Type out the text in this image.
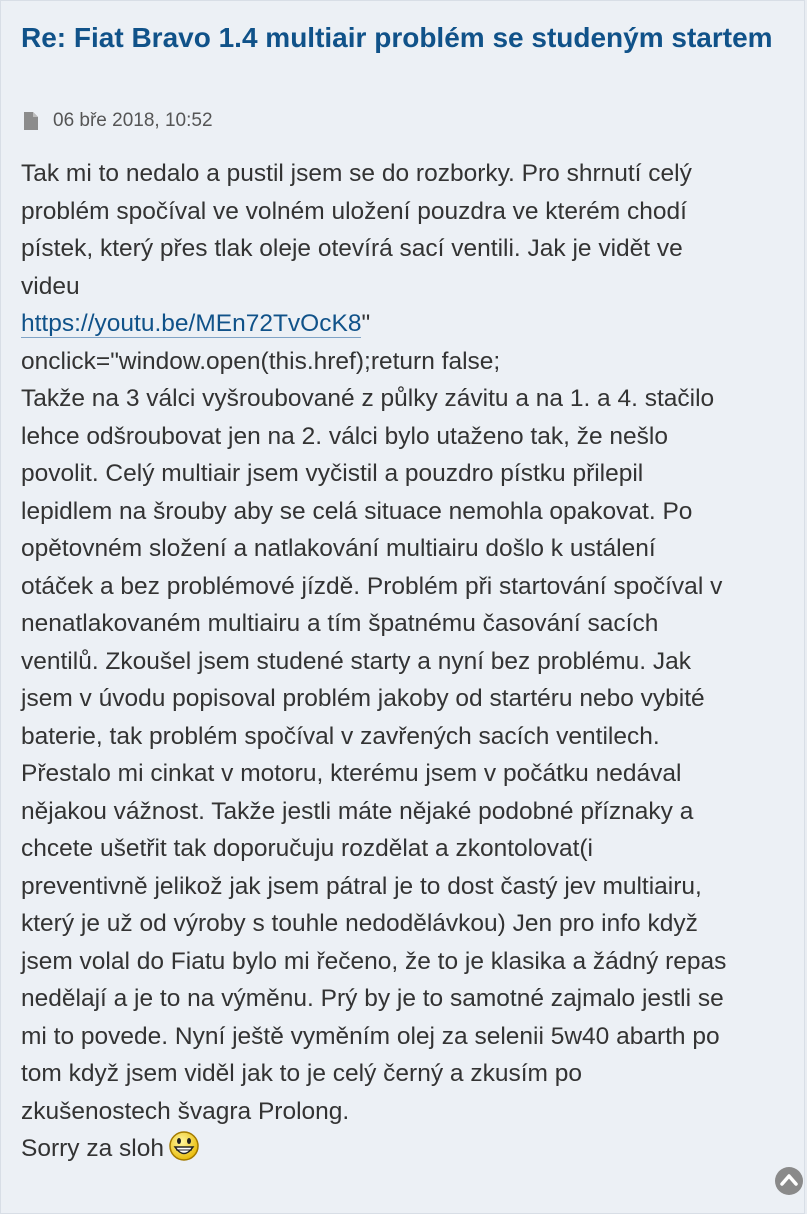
Re: Fiat Bravo 1.4 multiair problém se studeným startem
06 bře 2018, 10:52
Tak mi to nedalo a pustil jsem se do rozborky. Pro shrnutí celý
problém spočíval ve volném uložení pouzdra ve kterém chodí
pístek, který přes tlak oleje otevírá sací ventili. Jak je vidět ve
videu
https://youtu.be/MEn72TvOcK8"
onclick="window.open(this.href);return false;
Takže na 3 válci vyšroubované z půlky závitu a na 1. a 4. stačilo
lehce odšroubovat jen na 2. válci bylo utaženo tak, že nešlo
povolit. Celý multiair jsem vyčistil a pouzdro pístku přilepil
lepidlem na šrouby aby se celá situace nemohla opakovat. Po
opětovném složení a natlakování multiairu došlo k ustálení
otáček a bez problémové jízdě. Problém při startování spočíval v
nenatlakovaném multiairu a tím špatnému časování sacích
ventilů. Zkoušel jsem studené starty a nyní bez problému. Jak
jsem v úvodu popisoval problém jakoby od startéru nebo vybité
baterie, tak problém spočíval v zavřených sacích ventilech.
Přestalo mi cinkat v motoru, kterému jsem v počátku nedával
nějakou vážnost. Takže jestli máte nějaké podobné příznaky a
chcete ušetřit tak doporučuju rozdělat a zkontolovat(i
preventivně jelikož jak jsem pátral je to dost častý jev multiairu,
který je už od výroby s touhle nedodělávkou) Jen pro info když
jsem volal do Fiatu bylo mi řečeno, že to je klasika a žádný repas
nedělají a je to na výměnu. Prý by je to samotné zajmalo jestli se
mi to povede. Nyní ještě vyměním olej za selenii 5w40 abarth po
tom když jsem viděl jak to je celý černý a zkusím po
zkušenostech švagra Prolong.
Sorry za sloh
